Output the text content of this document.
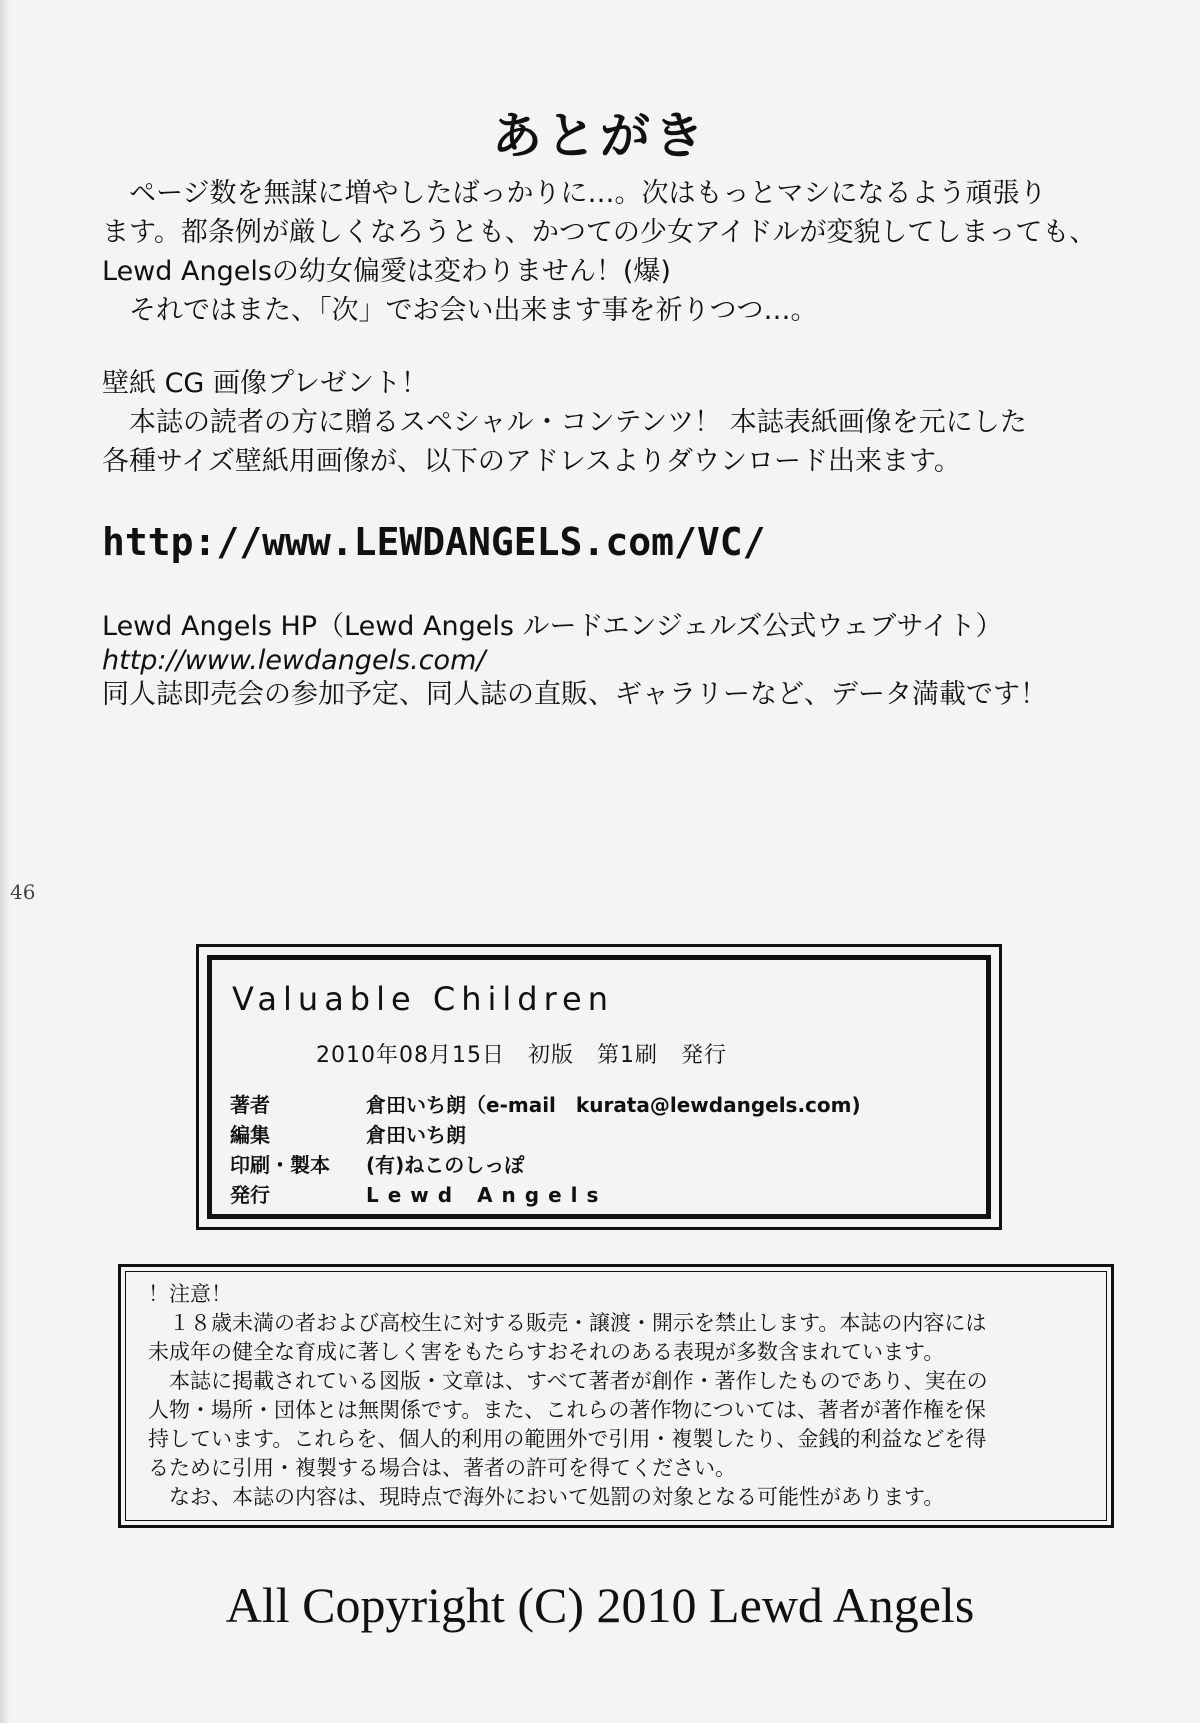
46
あとがき

　ページ数を無謀に増やしたばっかりに…。次はもっとマシになるよう頑張り

ます。都条例が厳しくなろうとも、かつての少女アイドルが変貌してしまっても、

Lewd Angelsの幼女偏愛は変わりません！(爆)

　それではまた、「次」でお会い出来ます事を祈りつつ…。

壁紙 CG 画像プレゼント！

　本誌の読者の方に贈るスペシャル・コンテンツ！ 本誌表紙画像を元にした

各種サイズ壁紙用画像が、以下のアドレスよりダウンロード出来ます。

http://www.LEWDANGELS.com/VC/

Lewd Angels HP（Lewd Angels ルードエンジェルズ公式ウェブサイト）
http://www.lewdangels.com/
同人誌即売会の参加予定、同人誌の直販、ギャラリーなど、データ満載です！

Valuable Children

2010年08月15日　初版　第1刷　発行

著者	倉田いち朗（e-mail　kurata@lewdangels.com)
編集	倉田いち朗
印刷・製本	(有)ねこのしっぽ
発行	Lewd Angels

！注意！

　１８歳未満の者および高校生に対する販売・譲渡・開示を禁止します。本誌の内容には

未成年の健全な育成に著しく害をもたらすおそれのある表現が多数含まれています。

　本誌に掲載されている図版・文章は、すべて著者が創作・著作したものであり、実在の

人物・場所・団体とは無関係です。また、これらの著作物については、著者が著作権を保

持しています。これらを、個人的利用の範囲外で引用・複製したり、金銭的利益などを得

るために引用・複製する場合は、著者の許可を得てください。

　なお、本誌の内容は、現時点で海外において処罰の対象となる可能性があります。

All Copyright (C) 2010 Lewd Angels
